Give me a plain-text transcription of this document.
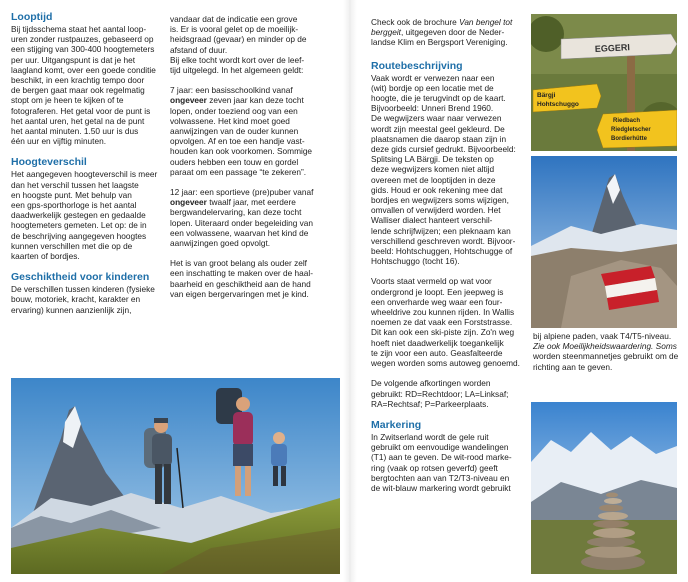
Looptijd
Bij tijdsschema staat het aantal loop-
uren zonder rustpauzes, gebaseerd op
een stijging van 300-400 hoogtemeters
per uur. Uitgangspunt is dat je het
laagland komt, over een goede conditie
beschikt, in een krachtig tempo door
de bergen gaat maar ook regelmatig
stopt om je heen te kijken of te
fotograferen. Het getal voor de punt is
het aantal uren, het getal na de punt
het aantal minuten. 1.50 uur is dus
één uur en vijftig minuten.
Hoogteverschil
Het aangegeven hoogteverschil is meer
dan het verschil tussen het laagste
en hoogste punt. Met behulp van
een gps-sporthorloge is het aantal
daadwerkelijk gestegen en gedaalde
hoogtemeters gemeten. Let op: de in
de beschrijving aangegeven hoogtes
kunnen verschillen met die op de
kaarten of bordjes.
Geschiktheid voor kinderen
De verschillen tussen kinderen (fysieke
bouw, motoriek, kracht, karakter en
ervaring) kunnen aanzienlijk zijn,
vandaar dat de indicatie een grove
is. Er is vooral gelet op de moeilijk-
heidsgraad (gevaar) en minder op de
afstand of duur.
Bij elke tocht wordt kort over de leef-
tijd uitgelegd. In het algemeen geldt:

7 jaar: een basisschoolkind vanaf
ongeveer zeven jaar kan deze tocht
lopen, onder toeziend oog van een
volwassene. Het kind moet goed
aanwijzingen van de ouder kunnen
opvolgen. Af en toe een handje vast-
houden kan ook voorkomen. Sommige
ouders hebben een touw en gordel
paraat om een passage “te zekeren”.

12 jaar: een sportieve (pre)puber vanaf
ongeveer twaalf jaar, met eerdere
bergwandelervaring, kan deze tocht
lopen. Uiteraard onder begeleiding van
een volwassene, waarvan het kind de
aanwijzingen goed opvolgt.

Het is van groot belang als ouder zelf
een inschatting te maken over de haal-
baarheid en geschiktheid aan de hand
van eigen bergervaringen met je kind.

Check ook de brochure Van bengel tot berggeit, uitgegeven door de Neder-
landse Klim en Bergsport Vereniging.

Routebeschrijving
Vaak wordt er verwezen naar een
(wit) bordje op een locatie met de
hoogte, die je terugvindt op de kaart.
Bijvoorbeeld: Unneri Brend 1960.
De wegwijzers waar naar verwezen
wordt zijn meestal geel gekleurd. De
plaatsnamen die daarop staan zijn in
deze gids cursief gedrukt. Bijvoorbeeld:
Splitsing LA Bärgji. De teksten op
deze wegwijzers komen niet altijd
overeen met de looptijden in deze
gids. Houd er ook rekening mee dat
bordjes en wegwijzers soms wijzigen,
omvallen of verwijderd worden. Het
Walliser dialect hanteert verschil-
lende schrijfwijzen; een pleknaam kan
verschillend geschreven wordt. Bijvoor-
beeld: Hohtschuggen, Hohtschugge of
Hohtschuggo (tocht 16).
Voorts staat vermeld op wat voor
ondergrond je loopt. Een jeepweg is
een onverharde weg waar een four-
wheeldrive zou kunnen rijden. In Wallis
noemen ze dat vaak een Forststrasse.
Dit kan ook een ski-piste zijn. Zo'n weg
hoeft niet daadwerkelijk toegankelijk
te zijn voor een auto. Geasfalteerde
wegen worden soms autoweg genoemd.
De volgende afkortingen worden
gebruikt: RD=Rechtdoor; LA=Linksaf;
RA=Rechtsaf; P=Parkeerplaats.
Markering
In Zwitserland wordt de gele ruit
gebruikt om eenvoudige wandelingen
(T1) aan te geven. De wit-rood marke-
ring (vaak op rotsen geverfd) geeft
bergtochten aan van T2/T3-niveau en
de wit-blauw markering wordt gebruikt
EGGERI
Bärgji
Hohtschuggo
Riedbach
Riedgletscher
Bordierhütte
bij alpiene paden, vaak T4/T5-niveau.
Zie ook Moeilijkheidswaardering. Soms
worden steenmannetjes gebruikt om de
richting aan te geven.
